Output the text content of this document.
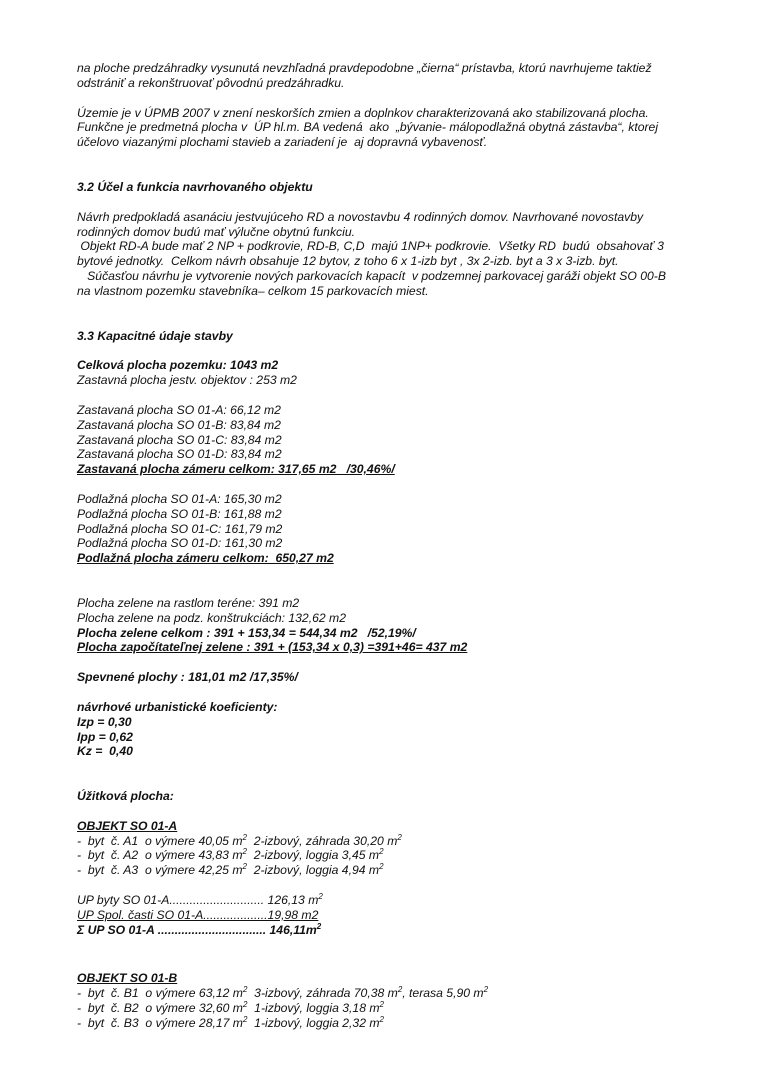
na ploche predzáhradky vysunutá nevzhľadná pravdepodobne „čierna“ prístavba, ktorú navrhujeme taktiež
odstrániť a rekonštruovať pôvodnú predzáhradku.
Územie je v ÚPMB 2007 v znení neskorších zmien a doplnkov charakterizovaná ako stabilizovaná plocha.
Funkčne je predmetná plocha v  ÚP hl.m. BA vedená  ako  „bývanie- málopodlažná obytná zástavba“, ktorej
účelovo viazanými plochami stavieb a zariadení je  aj dopravná vybavenosť.
3.2 Účel a funkcia navrhovaného objektu
Návrh predpokladá asanáciu jestvujúceho RD a novostavbu 4 rodinných domov. Navrhované novostavby
rodinných domov budú mať výlučne obytnú funkciu.
Objekt RD-A bude mať 2 NP + podkrovie, RD-B, C,D  majú 1NP+ podkrovie.  Všetky RD  budú  obsahovať 3
bytové jednotky.  Celkom návrh obsahuje 12 bytov, z toho 6 x 1-izb byt , 3x 2-izb. byt a 3 x 3-izb. byt.
Súčasťou návrhu je vytvorenie nových parkovacích kapacít  v podzemnej parkovacej garáži objekt SO 00-B
na vlastnom pozemku stavebníka– celkom 15 parkovacích miest.
3.3 Kapacitné údaje stavby
Celková plocha pozemku: 1043 m2
Zastavná plocha jestv. objektov : 253 m2
Zastavaná plocha SO 01-A: 66,12 m2
Zastavaná plocha SO 01-B: 83,84 m2
Zastavaná plocha SO 01-C: 83,84 m2
Zastavaná plocha SO 01-D: 83,84 m2
Zastavaná plocha zámeru celkom: 317,65 m2   /30,46%/
Podlažná plocha SO 01-A: 165,30 m2
Podlažná plocha SO 01-B: 161,88 m2
Podlažná plocha SO 01-C: 161,79 m2
Podlažná plocha SO 01-D: 161,30 m2
Podlažná plocha zámeru celkom:  650,27 m2
Plocha zelene na rastlom teréne: 391 m2
Plocha zelene na podz. konštrukciách: 132,62 m2
Plocha zelene celkom : 391 + 153,34 = 544,34 m2   /52,19%/
Plocha započítateľnej zelene : 391 + (153,34 x 0,3) =391+46= 437 m2
Spevnené plochy : 181,01 m2 /17,35%/
návrhové urbanistické koeficienty:
Izp = 0,30
Ipp = 0,62
Kz =  0,40
Úžitková plocha:
OBJEKT SO 01-A
-  byt  č. A1  o výmere 40,05 $m^2$  2-izbový, záhrada 30,20 $m^2$
-  byt  č. A2  o výmere 43,83 $m^2$  2-izbový, loggia 3,45 $m^2$
-  byt  č. A3  o výmere 42,25 $m^2$  2-izbový, loggia 4,94 $m^2$
UP byty SO 01-A............................ 126,13 $m^2$
UP Spol. časti SO 01-A...................19,98 m2
Σ UP SO 01-A ................................ $146,11m^2$
OBJEKT SO 01-B
-  byt  č. B1  o výmere 63,12 $m^2$  3-izbový, záhrada 70,38 $m^2$, terasa 5,90 $m^2$
-  byt  č. B2  o výmere 32,60 $m^2$  1-izbový, loggia 3,18 $m^2$
-  byt  č. B3  o výmere 28,17 $m^2$  1-izbový, loggia 2,32 $m^2$
